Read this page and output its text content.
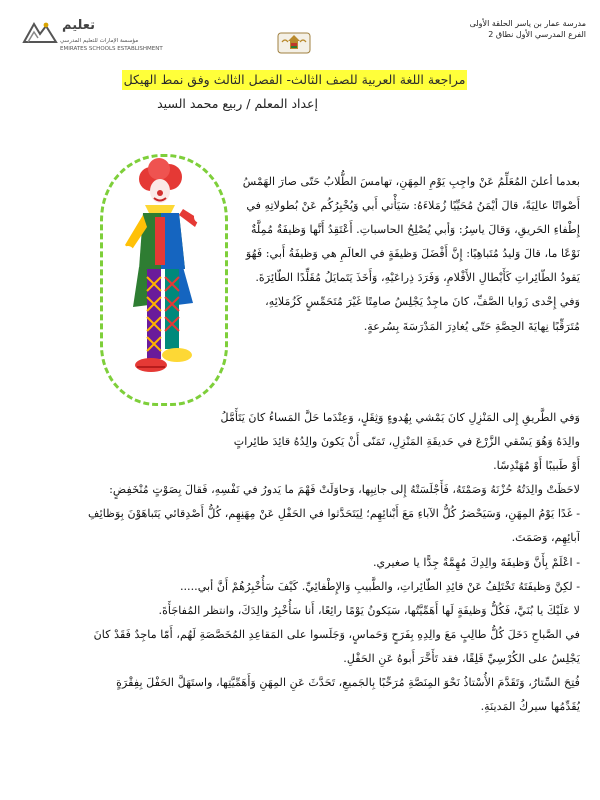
مدرسة عمار بن ياسر الحلقة الأولى
الفرع المدرسي الأول نطاق 2
تعليم
مؤسسة الإمارات للتعليم المدرسي
EMIRATES SCHOOLS ESTABLISHMENT
مراجعة اللغة العربية للصف الثالث- الفصل الثالث وفق نمط الهيكل
إعداد المعلم / ربيع محمد السيد
بعدما أعلنَ المُعَلِّمُ عَنْ واجِبِ يَوْمِ المِهَنِ، تهامسَ الطُّلابُ حَتّى صارَ الهَمْسُ
أَصْواتًا عالِيَةً، قالَ أيْمَنُ مُحَيِّيًا زُمَلاءَهُ: سَيَأْتي أَبي وَيُخْبِرُكُم عَنْ بُطولاتِهِ في
إِطْفاءِ الحَريقِ، وَقالَ ياسِرُ: وَأبي يُصْلِحُ الحاسباتِ. أَعْتَقِدُ أَنَّها وَظيفَةٌ مُمِلَّةٌ
نَوْعًا ما، قالَ وَليدُ مُتَباهِيًا: إِنَّ أَفْضَلَ وَظيفَةٍ في العالَمِ هي وَظيفَةُ أَبي: فَهُوَ
يَقودُ الطّائِراتِ كَأَبْطالِ الأَفْلامِ، وَفَرَدَ ذِراعَيْهِ، وَأَخَذَ يَتَمايَلُ مُقَلِّدًا الطّائِرَةَ.
وَفي إِحْدى زَوايا الصَّفِّ، كانَ ماجِدٌ يَجْلِسُ صامِتًا غَيْرَ مُتَحَمِّسٍ كَزُمَلائِهِ،
مُتَرَقِّبًا نِهايَةَ الحِصَّةِ حَتّى يُغادِرَ المَدْرَسَةَ بِسُرعةٍ.
وَفي الطَّريقِ إِلى المَنْزِلِ كانَ يَمْشي بِهُدوءٍ وَثِقَلٍ، وَعِنْدَما حَلَّ المَساءُ كانَ يَتَأَمَّلُ
والِدَهُ وَهُوَ يَسْقي الزَّرْعَ في حَديقَةِ المَنْزِلِ، تَمَنّى أَنْ يَكونَ والِدُهُ قائِدَ طائِراتٍ
أَوْ طَبيبًا أَوْ مُهَنْدِسًا.
لاحَظَتْ والِدَتُهُ حُزْنَهُ وَصَمْتَهُ، فَأَجْلَسَتْهُ إِلى جانِبِها، وَحاوَلَتْ فَهْمَ ما يَدورُ في نَفْسِهِ، فَقالَ بِصَوْتٍ مُنْخَفِضٍ:
- غَدًا يَوْمُ المِهَنِ، وَسَيَحْضرُ كُلُّ الآباءِ مَعَ أَبْنائِهِم؛ لِيَتَحَدَّثوا في الحَفْلِ عَنْ مِهَنِهِم، كُلُّ أَصْدِقائي يَتَباهَوْنَ بِوَظائِفِ
آبائِهِم، وَصَمَتَ.
- اعْلَمْ بِأَنَّ وَظيفَةَ والِدِكَ مُهِمَّةٌ جِدًّا يا صغيري.
- لكِنَّ وَظيفَتَهُ تَخْتَلِفُ عَنْ قائِدِ الطّائِراتِ، والطَّبيبِ وَالإِطْفائِيِّ. كَيْفَ سَأُخْبِرُهُمْ أَنَّ أبي.....
لا عَلَيْكَ يا بُنَيَّ، فَكُلُّ وَظيفَةٍ لَها أَهَمِّيَّتُها، سَيَكونُ يَوْمًا رائِعًا، أَنا سَأُخْبِرُ والِدَكَ، وانتظر المُفاجَأَةَ.
في الصَّباحِ دَخَلَ كُلُّ طالِبٍ مَعَ والِدِهِ بِفَرَحٍ وَحَماسٍ، وَجَلَسوا على المَقاعِدِ المُخَصَّصَةِ لَهُم، أَمّا ماجِدٌ فَقَدْ كانَ
يَجْلِسُ على الكُرْسِيِّ قَلِقًا، فقد تَأَخَّرَ أَبوهُ عَنِ الحَفْلِ.
فُتِحَ السِّتارُ، وَتَقَدَّمَ الأُسْتاذُ نَحْوَ المِنَصَّةِ مُرَحِّبًا بِالجَميعِ، تَحَدَّثَ عَنِ المِهَنِ وَأَهَمِّيَّتِها، واستَهَلَّ الحَفْلَ بِفِقْرَةٍ
يُقَدِّمُها سيركُ المَدينَةِ.
